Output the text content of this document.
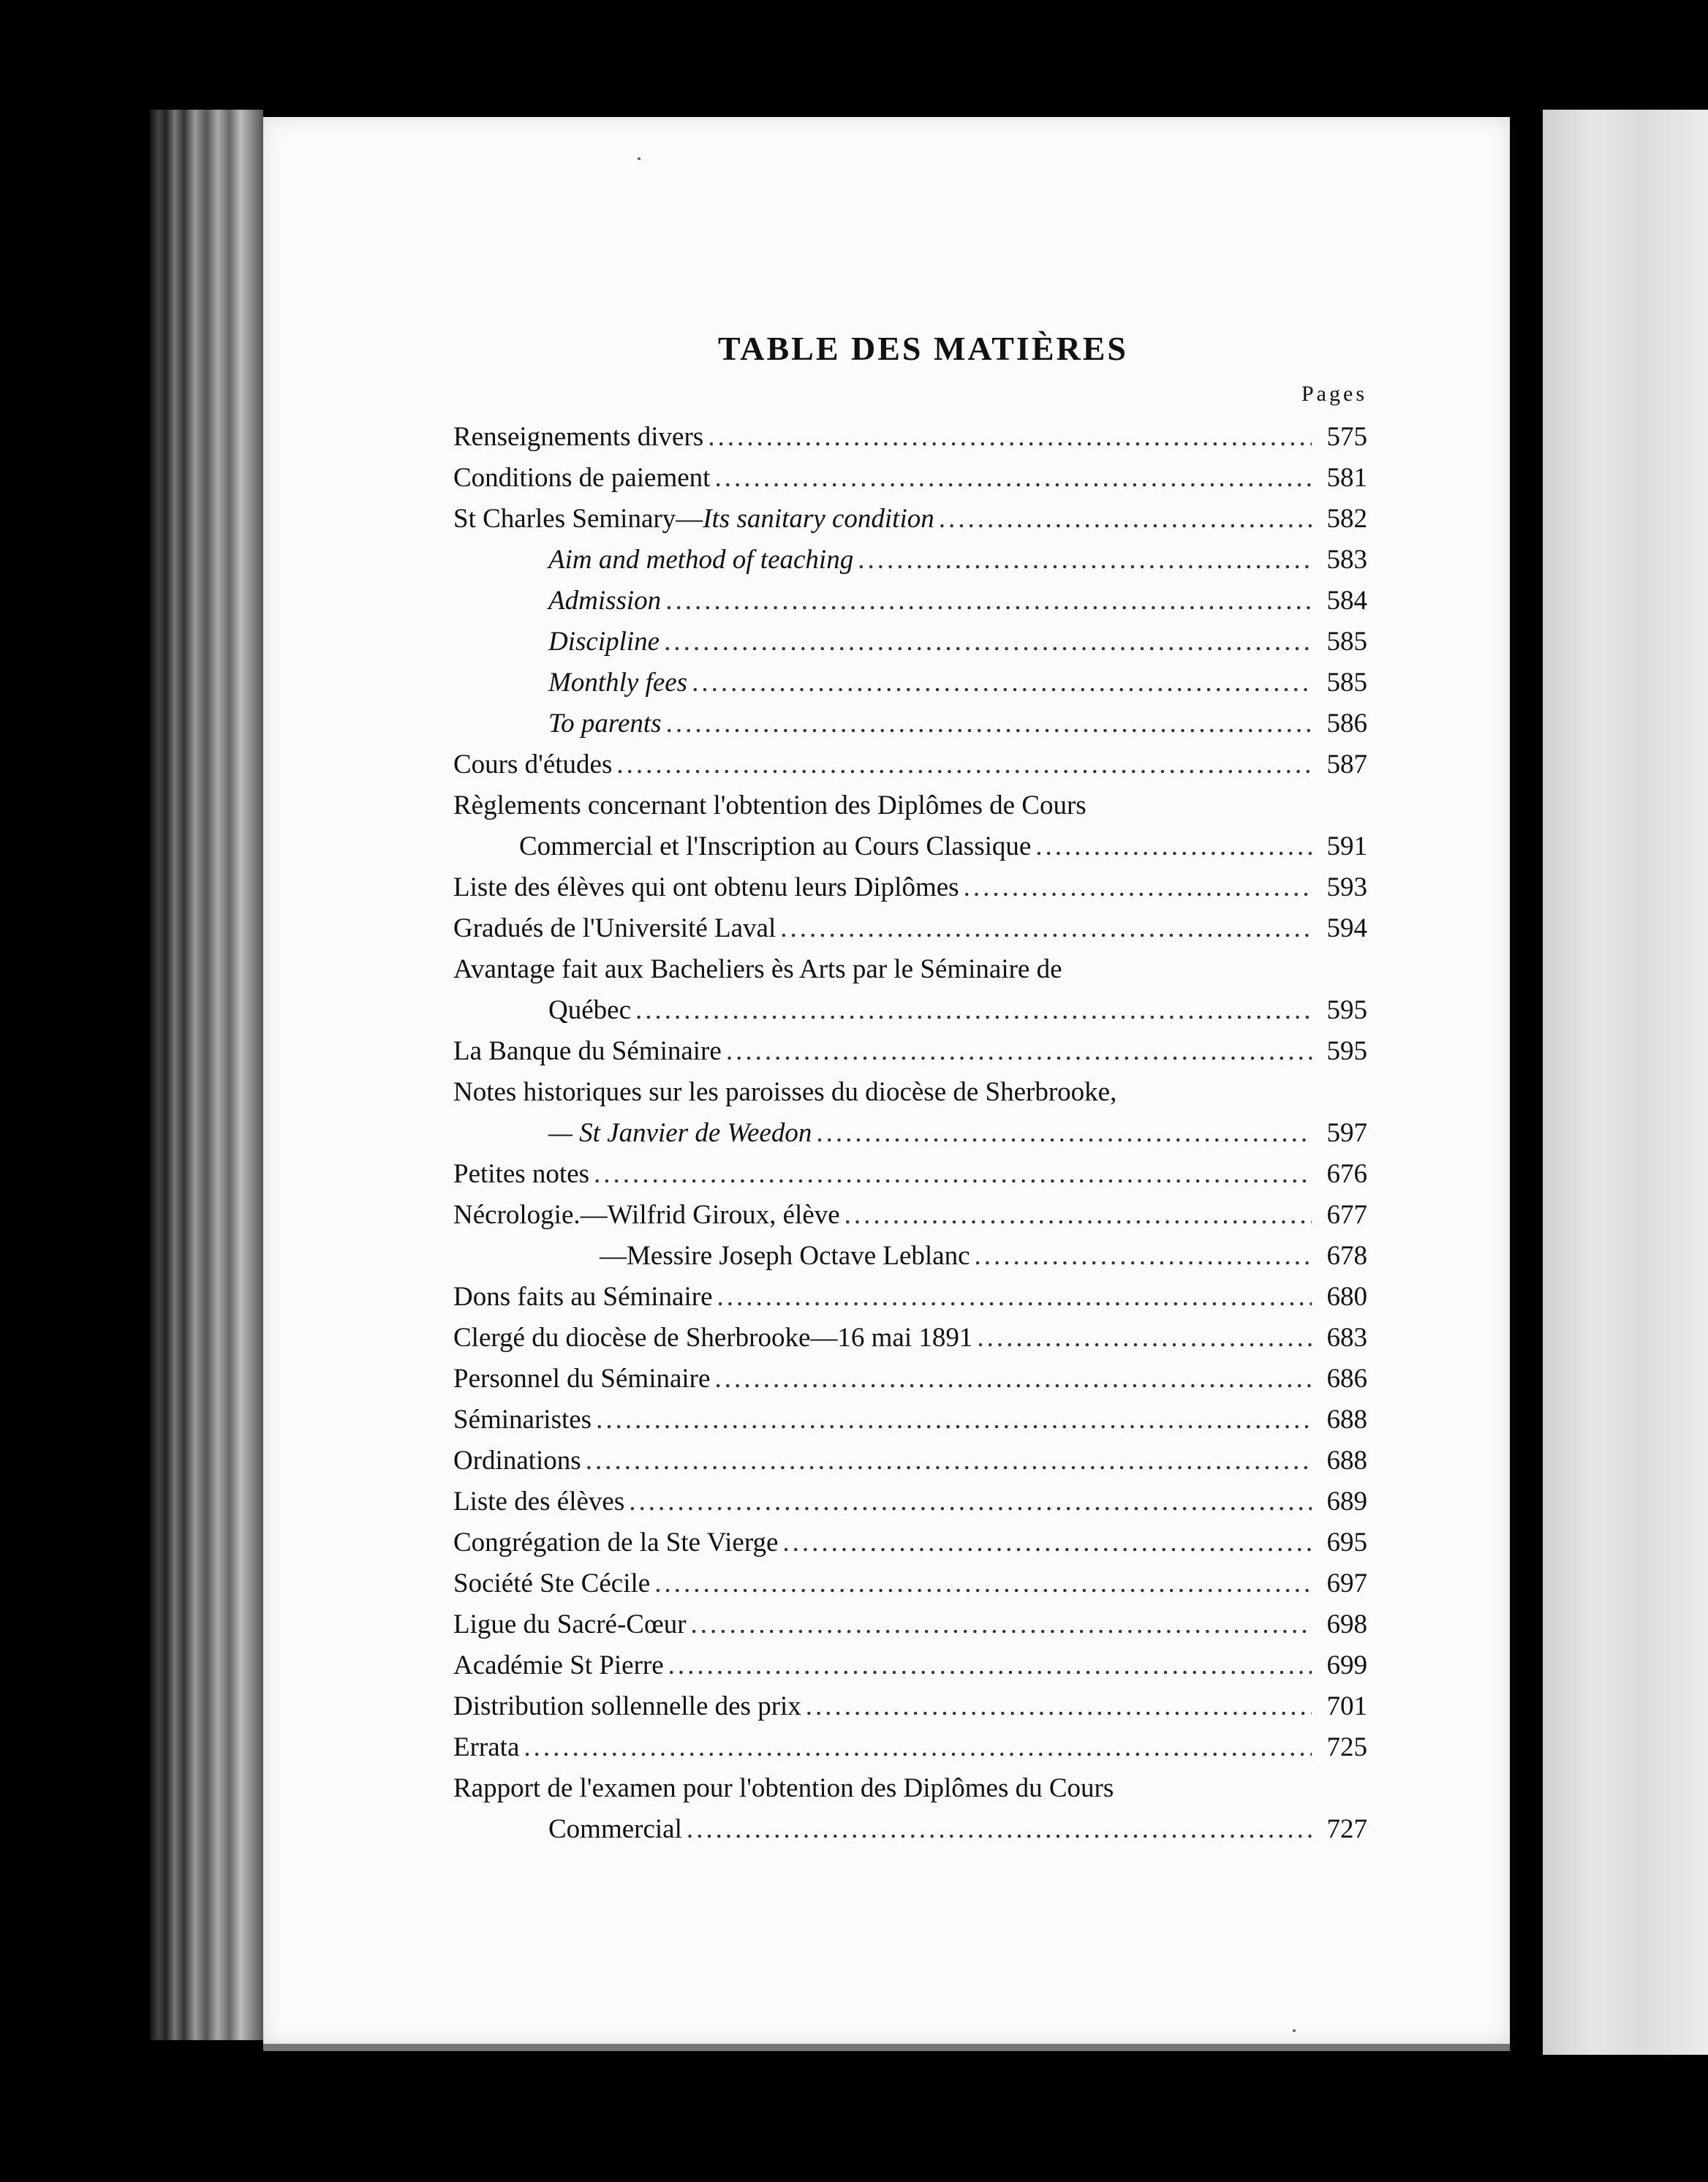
TABLE DES MATIÈRES
Pages
Renseignements divers .....	575
Conditions de paiement .....	581
St Charles Seminary—Its sanitary condition .....	582
Aim and method of teaching .....	583
Admission .....	584
Discipline .....	585
Monthly fees .....	585
To parents .....	586
Cours d'études .....	587
Règlements concernant l'obtention des Diplômes de Cours
Commercial et l'Inscription au Cours Classique .....	591
Liste des élèves qui ont obtenu leurs Diplômes .....	593
Gradués de l'Université Laval .....	594
Avantage fait aux Bacheliers ès Arts par le Séminaire de
Québec .....	595
La Banque du Séminaire .....	595
Notes historiques sur les paroisses du diocèse de Sherbrooke,
— St Janvier de Weedon .....	597
Petites notes .....	676
Nécrologie.—Wilfrid Giroux, élève .....	677
—Messire Joseph Octave Leblanc .....	678
Dons faits au Séminaire .....	680
Clergé du diocèse de Sherbrooke—16 mai 1891 .....	683
Personnel du Séminaire .....	686
Séminaristes .....	688
Ordinations .....	688
Liste des élèves .....	689
Congrégation de la Ste Vierge .....	695
Société Ste Cécile .....	697
Ligue du Sacré-Cœur .....	698
Académie St Pierre .....	699
Distribution sollennelle des prix .....	701
Errata .....	725
Rapport de l'examen pour l'obtention des Diplômes du Cours
Commercial .....	727
